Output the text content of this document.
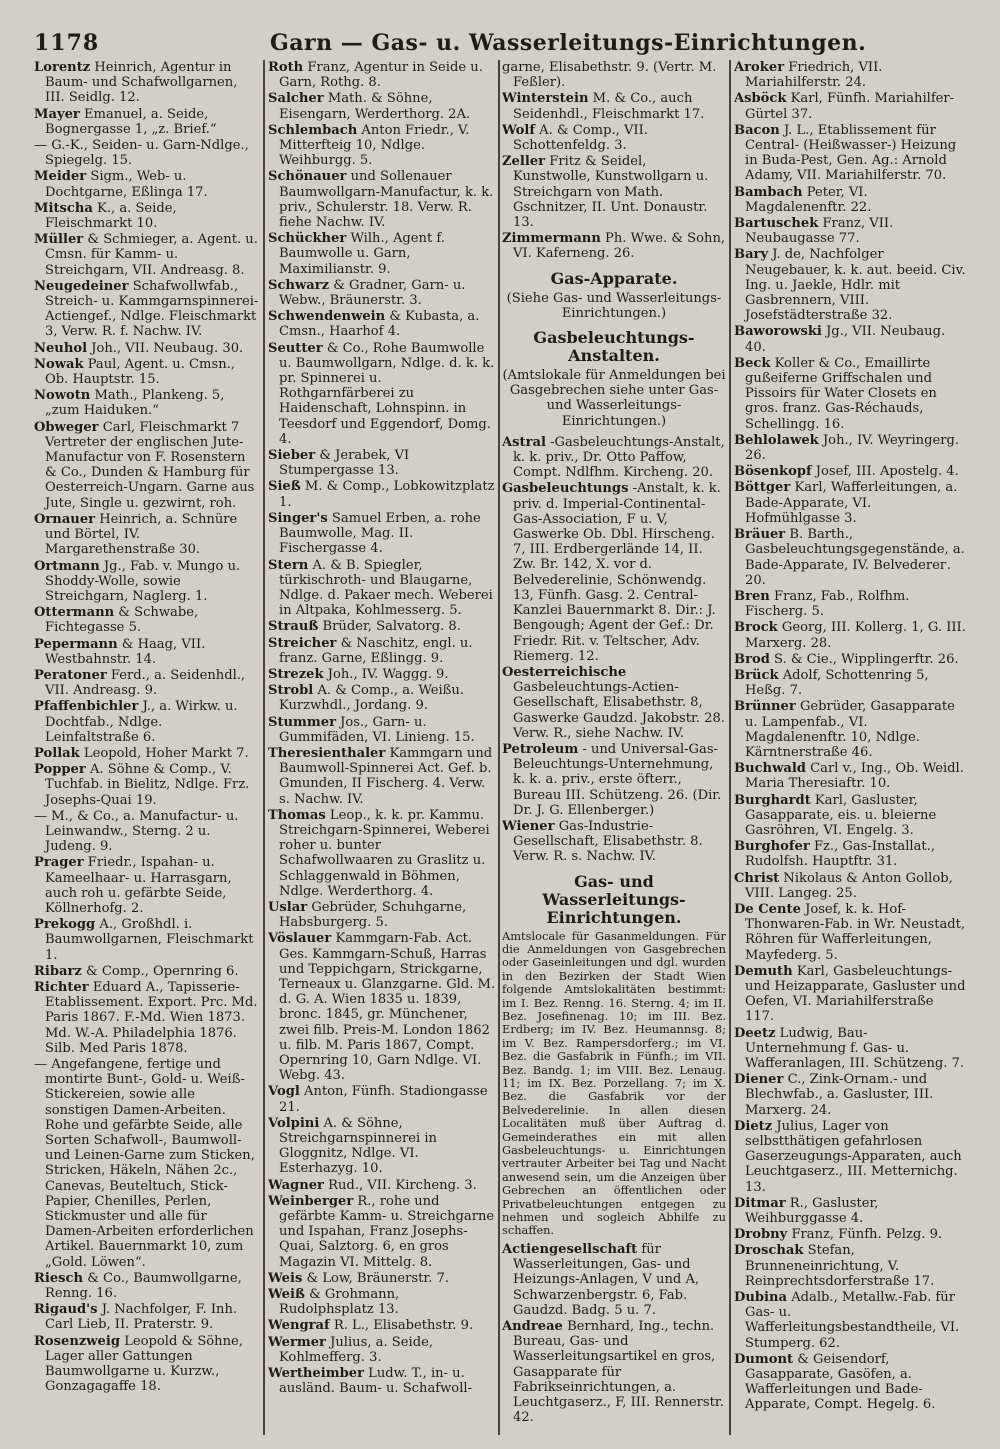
1178	Garn — Gas- u. Wasserleitungs-Einrichtungen.
Lorentz Heinrich, Agentur in Baum- und Schafwollgarnen, III. Seidlg. 12.
Mayer Emanuel, a. Seide, Bognergasse 1, „z. Brief.“
— G.-K., Seiden- u. Garn-Ndlge., Spiegelg. 15.
Meider Sigm., Web- u. Dochtgarne, Eßlinga 17.
Mitscha K., a. Seide, Fleischmarkt 10.
Müller & Schmieger, a. Agent. u. Cmsn. für Kamm- u. Streichgarn, VII. Andreasg. 8.
Neugedeiner Schafwollwfab., Streich- u. Kammgarnspinnerei-Actiengef., Ndlge. Fleischmarkt 3, Verw. R. f. Nachw. IV.
Neuhol Joh., VII. Neubaug. 30.
Nowak Paul, Agent. u. Cmsn., Ob. Hauptstr. 15.
Nowotn Math., Plankeng. 5, „zum Haiduken.“
Obweger Carl, Fleischmarkt 7 Vertreter der englischen Jute-Manufactur von F. Rosenstern & Co., Dunden & Hamburg für Oesterreich-Ungarn. Garne aus Jute, Single u. gezwirnt, roh.
Ornauer Heinrich, a. Schnüre und Börtel, IV. Margarethenstraße 30.
Ortmann Jg., Fab. v. Mungo u. Shoddy-Wolle, sowie Streichgarn, Naglerg. 1.
Ottermann & Schwabe, Fichtegasse 5.
Pepermann & Haag, VII. Westbahnstr. 14.
Peratoner Ferd., a. Seidenhdl., VII. Andreasg. 9.
Pfaffenbichler J., a. Wirkw. u. Dochtfab., Ndlge. Leinfaltstraße 6.
Pollak Leopold, Hoher Markt 7.
Popper A. Söhne & Comp., V. Tuchfab. in Bielitz, Ndlge. Frz. Josephs-Quai 19.
— M., & Co., a. Manufactur- u. Leinwandw., Sterng. 2 u. Judeng. 9.
Prager Friedr., Ispahan- u. Kameelhaar- u. Harrasgarn, auch roh u. gefärbte Seide, Köllnerhofg. 2.
Prekogg A., Großhdl. i. Baumwollgarnen, Fleischmarkt 1.
Ribarz & Comp., Opernring 6.
Richter Eduard A., Tapisserie-Etablissement. Export. Prc. Md. Paris 1867. F.-Md. Wien 1873. Md. W.-A. Philadelphia 1876. Silb. Med Paris 1878.
— Angefangene, fertige und montirte Bunt-, Gold- u. Weiß-Stickereien, sowie alle sonstigen Damen-Arbeiten. Rohe und gefärbte Seide, alle Sorten Schafwoll-, Baumwoll- und Leinen-Garne zum Sticken, Stricken, Häkeln, Nähen 2c., Canevas, Beuteltuch, Stick-Papier, Chenilles, Perlen, Stickmuster und alle für Damen-Arbeiten erforderlichen Artikel. Bauernmarkt 10, zum „Gold. Löwen“.
Riesch & Co., Baumwollgarne, Renng. 16.
Rigaud's J. Nachfolger, F. Inh. Carl Lieb, II. Praterstr. 9.
Rosenzweig Leopold & Söhne, Lager aller Gattungen Baumwollgarne u. Kurzw., Gonzagagaffe 18.
Roth Franz, Agentur in Seide u. Garn, Rothg. 8.
Salcher Math. & Söhne, Eisengarn, Werderthorg. 2A.
Schlembach Anton Friedr., V. Mitterfteig 10, Ndlge. Weihburgg. 5.
Schönauer und Sollenauer Baumwollgarn-Manufactur, k. k. priv., Schulerstr. 18. Verw. R. fiehe Nachw. IV.
Schückher Wilh., Agent f. Baumwolle u. Garn, Maximilianstr. 9.
Schwarz & Gradner, Garn- u. Webw., Bräunerstr. 3.
Schwendenwein & Kubasta, a. Cmsn., Haarhof 4.
Seutter & Co., Rohe Baumwolle u. Baumwollgarn, Ndlge. d. k. k. pr. Spinnerei u. Rothgarnfärberei zu Haidenschaft, Lohnspinn. in Teesdorf und Eggendorf, Domg. 4.
Sieber & Jerabek, VI Stumpergasse 13.
Sieß M. & Comp., Lobkowitzplatz 1.
Singer's Samuel Erben, a. rohe Baumwolle, Mag. II. Fischergasse 4.
Stern A. & B. Spiegler, türkischroth- und Blaugarne, Ndlge. d. Pakaer mech. Weberei in Altpaka, Kohlmesserg. 5.
Strauß Brüder, Salvatorg. 8.
Streicher & Naschitz, engl. u. franz. Garne, Eßlingg. 9.
Strezek Joh., IV. Waggg. 9.
Strobl A. & Comp., a. Weißu. Kurzwhdl., Jordang. 9.
Stummer Jos., Garn- u. Gummifäden, VI. Linieng. 15.
Theresienthaler Kammgarn und Baumwoll-Spinnerei Act. Gef. b. Gmunden, II Fischerg. 4. Verw. s. Nachw. IV.
Thomas Leop., k. k. pr. Kammu. Streichgarn-Spinnerei, Weberei roher u. bunter Schafwollwaaren zu Graslitz u. Schlaggenwald in Böhmen, Ndlge. Werderthorg. 4.
Uslar Gebrüder, Schuhgarne, Habsburgerg. 5.
Vöslauer Kammgarn-Fab. Act. Ges. Kammgarn-Schuß, Harras und Teppichgarn, Strickgarne, Terneaux u. Glanzgarne. Gld. M. d. G. A. Wien 1835 u. 1839, bronc. 1845, gr. Münchener, zwei filb. Preis-M. London 1862 u. filb. M. Paris 1867, Compt. Opernring 10, Garn Ndlge. VI. Webg. 43.
Vogl Anton, Fünfh. Stadiongasse 21.
Volpini A. & Söhne, Streichgarnspinnerei in Gloggnitz, Ndlge. VI. Esterhazyg. 10.
Wagner Rud., VII. Kircheng. 3.
Weinberger R., rohe und gefärbte Kamm- u. Streichgarne und Ispahan, Franz Josephs-Quai, Salztorg. 6, en gros Magazin VI. Mittelg. 8.
Weis & Low, Bräunerstr. 7.
Weiß & Grohmann, Rudolphsplatz 13.
Wengraf R. L., Elisabethstr. 9.
Wermer Julius, a. Seide, Kohlmefferg. 3.
Wertheimber Ludw. T., in- u. ausländ. Baum- u. Schafwoll-
garne, Elisabethstr. 9. (Vertr. M. Feßler).
Winterstein M. & Co., auch Seidenhdl., Fleischmarkt 17.
Wolf A. & Comp., VII. Schottenfeldg. 3.
Zeller Fritz & Seidel, Kunstwolle, Kunstwollgarn u. Streichgarn von Math. Gschnitzer, II. Unt. Donaustr. 13.
Zimmermann Ph. Wwe. & Sohn, VI. Kaferneng. 26.
Gas-Apparate.
(Siehe Gas- und Wasserleitungs-Einrichtungen.)
Gasbeleuchtungs-Anstalten.
(Amtslokale für Anmeldungen bei Gasgebrechen siehe unter Gas- und Wasserleitungs-Einrichtungen.)
Astral -Gasbeleuchtungs-Anstalt, k. k. priv., Dr. Otto Paffow, Compt. Ndlfhm. Kircheng. 20.
Gasbeleuchtungs -Anstalt, k. k. priv. d. Imperial-Continental-Gas-Association, F u. V, Gaswerke Ob. Dbl. Hirscheng. 7, III. Erdbergerlände 14, II. Zw. Br. 142, X. vor d. Belvederelinie, Schönwendg. 13, Fünfh. Gasg. 2. Central-Kanzlei Bauernmarkt 8. Dir.: J. Bengough; Agent der Gef.: Dr. Friedr. Rit. v. Teltscher, Adv. Riemerg. 12.
Oesterreichische Gasbeleuchtungs-Actien-Gesellschaft, Elisabethstr. 8, Gaswerke Gaudzd. Jakobstr. 28. Verw. R., siehe Nachw. IV.
Petroleum - und Universal-Gas-Beleuchtungs-Unternehmung, k. k. a. priv., erste öfterr., Bureau III. Schützeng. 26. (Dir. Dr. J. G. Ellenberger.)
Wiener Gas-Industrie-Gesellschaft, Elisabethstr. 8. Verw. R. s. Nachw. IV.
Gas- und Wasserleitungs-Einrichtungen.
Amtslocale für Gasanmeldungen. Für die Anmeldungen von Gasgebrechen oder Gaseinleitungen und dgl. wurden in den Bezirken der Stadt Wien folgende Amtslokalitäten bestimmt: im I. Bez. Renng. 16. Sterng. 4; im II. Bez. Josefinenag. 10; im III. Bez. Erdberg; im IV. Bez. Heumannsg. 8; im V. Bez. Rampersdorferg.; im VI. Bez. die Gasfabrik in Fünfh.; im VII. Bez. Bandg. 1; im VIII. Bez. Lenaug. 11; im IX. Bez. Porzellang. 7; im X. Bez. die Gasfabrik vor der Belvederelinie. In allen diesen Localitäten muß über Auftrag d. Gemeinderathes ein mit allen Gasbeleuchtungs- u. Einrichtungen vertrauter Arbeiter bei Tag und Nacht anwesend sein, um die Anzeigen über Gebrechen an öffentlichen oder Privatbeleuchtungen entgegen zu nehmen und sogleich Abhilfe zu schaffen.
Actiengesellschaft für Wasserleitungen, Gas- und Heizungs-Anlagen, V und A, Schwarzenbergstr. 6, Fab. Gaudzd. Badg. 5 u. 7.
Andreae Bernhard, Ing., techn. Bureau, Gas- und Wasserleitungsartikel en gros, Gasapparate für Fabrikseinrichtungen, a. Leuchtgaserz., F, III. Rennerstr. 42.
Aroker Friedrich, VII. Mariahilferstr. 24.
Asböck Karl, Fünfh. Mariahilfer-Gürtel 37.
Bacon J. L., Etablissement für Central- (Heißwasser-) Heizung in Buda-Pest, Gen. Ag.: Arnold Adamy, VII. Mariahilferstr. 70.
Bambach Peter, VI. Magdalenenftr. 22.
Bartuschek Franz, VII. Neubaugasse 77.
Bary J. de, Nachfolger Neugebauer, k. k. aut. beeid. Civ. Ing. u. Jaekle, Hdlr. mit Gasbrennern, VIII. Josefstädterstraße 32.
Baworowski Jg., VII. Neubaug. 40.
Beck Koller & Co., Emaillirte gußeiferne Griffschalen und Pissoirs für Water Closets en gros. franz. Gas-Réchauds, Schellingg. 16.
Behlolawek Joh., IV. Weyringerg. 26.
Bösenkopf Josef, III. Apostelg. 4.
Böttger Karl, Wafferleitungen, a. Bade-Apparate, VI. Hofmühlgasse 3.
Bräuer B. Barth., Gasbeleuchtungsgegenstände, a. Bade-Apparate, IV. Belvederег. 20.
Bren Franz, Fab., Rolfhm. Fischerg. 5.
Brock Georg, III. Kollerg. 1, G. III. Marxerg. 28.
Brod S. & Cie., Wipplingerftr. 26.
Brück Adolf, Schottenring 5, Heßg. 7.
Brünner Gebrüder, Gasapparate u. Lampenfab., VI. Magdalenenftr. 10, Ndlge. Kärntnerstraße 46.
Buchwald Carl v., Ing., Ob. Weidl. Maria Theresiaftr. 10.
Burghardt Karl, Gasluster, Gasapparate, eis. u. bleierne Gasröhren, VI. Engelg. 3.
Burghofer Fz., Gas-Installat., Rudolfsh. Hauptftr. 31.
Christ Nikolaus & Anton Gollob, VIII. Langeg. 25.
De Cente Josef, k. k. Hof-Thonwaren-Fab. in Wr. Neustadt, Röhren für Wafferleitungen, Mayfederg. 5.
Demuth Karl, Gasbeleuchtungs- und Heizapparate, Gasluster und Oefen, VI. Mariahilferstraße 117.
Deetz Ludwig, Bau-Unternehmung f. Gas- u. Wafferanlagen, III. Schützeng. 7.
Diener C., Zink-Ornam.- und Blechwfab., a. Gasluster, III. Marxerg. 24.
Dietz Julius, Lager von selbstthätigen gefahrlosen Gaserzeugungs-Apparaten, auch Leuchtgaserz., III. Metternichg. 13.
Ditmar R., Gasluster, Weihburggasse 4.
Drobny Franz, Fünfh. Pelzg. 9.
Droschak Stefan, Brunneneinrichtung, V. Reinprechtsdorferstraße 17.
Dubina Adalb., Metallw.-Fab. für Gas- u. Wafferleitungsbestandtheile, VI. Stumperg. 62.
Dumont & Geisendorf, Gasapparate, Gasöfen, a. Wafferleitungen und Bade-Apparate, Compt. Hegelg. 6.
